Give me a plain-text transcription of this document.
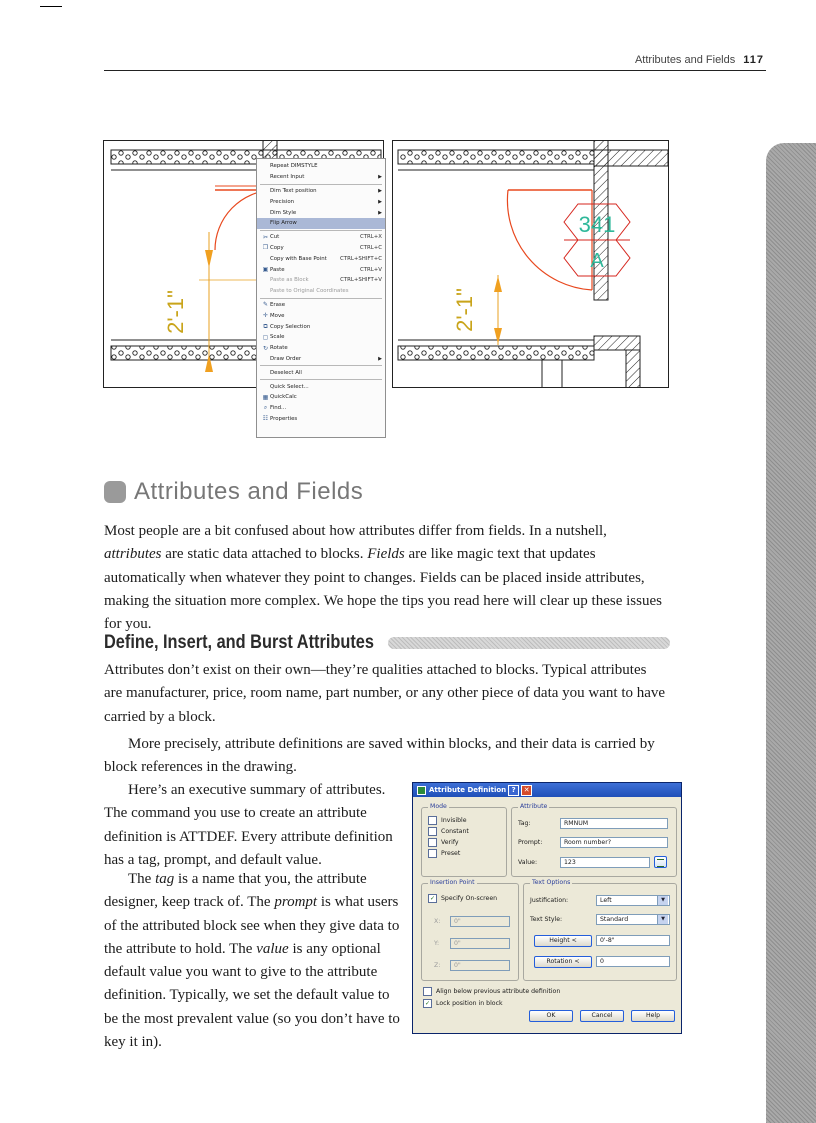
Attributes and Fields 117
2'-1"
Repeat DIMSTYLE
Recent Input	▶
Dim Text position	▶
Precision	▶
Dim Style	▶
Flip Arrow
✂ Cut	CTRL+X
❐ Copy	CTRL+C
Copy with Base Point	CTRL+SHIFT+C
▣ Paste	CTRL+V
Paste as Block	CTRL+SHIFT+V
Paste to Original Coordinates
✎ Erase
✛ Move
⧉ Copy Selection
▢ Scale
↻ Rotate
Draw Order	▶
Deselect All
Quick Select...
▦ QuickCalc
⌕ Find...
☷ Properties
341
A
2'-1"
Attributes and Fields
Most people are a bit confused about how attributes differ from fields. In a nutshell, attributes are static data attached to blocks. Fields are like magic text that updates automatically when whatever they point to changes. Fields can be placed inside attributes, making the situation more complex. We hope the tips you read here will clear up these issues for you.
Define, Insert, and Burst Attributes
Attributes don’t exist on their own—they’re qualities attached to blocks. Typical attributes are manufacturer, price, room name, part number, or any other piece of data you want to have carried by a block.
More precisely, attribute definitions are saved within blocks, and their data is carried by block references in the drawing.
Here’s an executive summary of attributes. The command you use to create an attribute definition is ATTDEF. Every attribute definition has a tag, prompt, and default value.
The tag is a name that you, the attribute designer, keep track of. The prompt is what users of the attributed block see when they give data to the attribute to hold. The value is any optional default value you want to give to the attribute definition. Typically, we set the default value to be the most prevalent value (so you don’t have to key it in).
Attribute Definition ?	✕
Mode
Invisible
Constant
Verify
Preset
Attribute
Tag:	RMNUM
Prompt:	Room number?
Value:	123
Insertion Point
✓ Specify On-screen
X:	0"
Y:	0"
Z:	0"
Text Options
Justification:	Left	▼
Text Style:	Standard	▼
Height <	0'-8"
Rotation <	0
Align below previous attribute definition
✓ Lock position in block
OK	Cancel	Help
